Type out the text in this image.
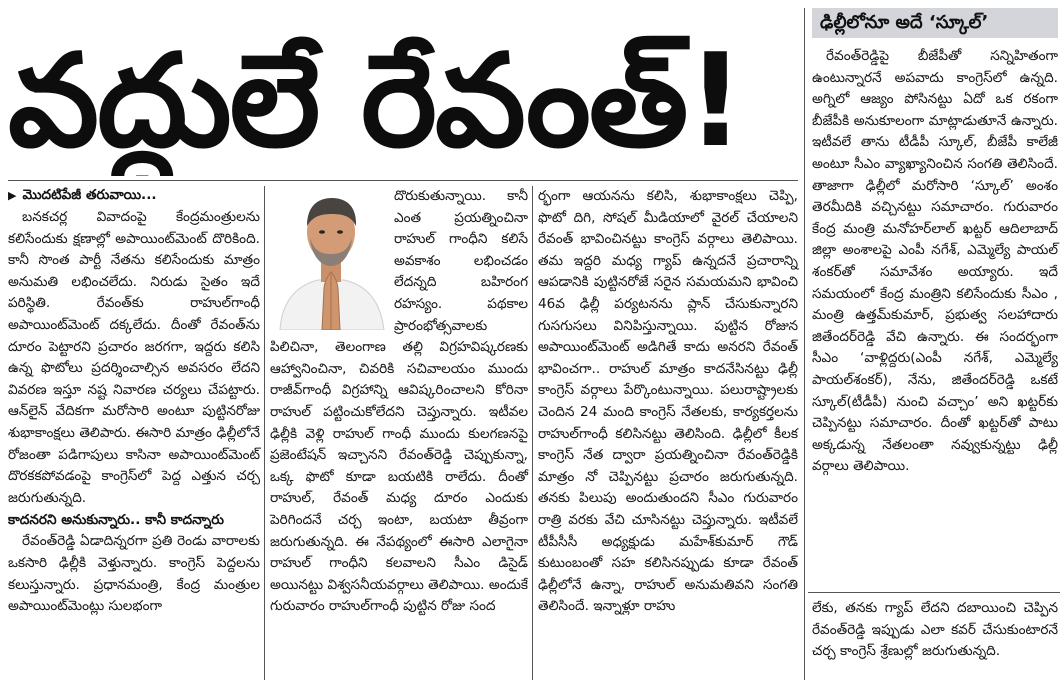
వద్దులే రేవంత్!

▶ మొదటిపేజీ తరువాయి...

బనకచర్ల వివాదంపై కేంద్రమంత్రులను కలిసేందుకు క్షణాల్లో అపాయింట్‌మెంట్ దొరికింది. కానీ సొంత పార్టీ నేతను కలిసేందుకు మాత్రం అనుమతి లభించలేదు. నిరుడు సైతం ఇదే పరిస్థితి. రేవంత్‌కు రాహుల్‌గాంధీ అపాయింట్‌మెంట్ దక్కలేదు. దీంతో రేవంత్‌ను దూరం పెట్టారని ప్రచారం జరగగా, ఇద్దరు కలిసి ఉన్న ఫొటోలు ప్రదర్శించాల్సిన అవసరం లేదని వివరణ ఇస్తూ నష్ట నివారణ చర్యలు చేపట్టారు. ఆన్‌లైన్ వేదికగా మరోసారి అంటూ పుట్టినరోజు శుభాకాంక్షలు తెలిపారు. ఈసారి మాత్రం ఢిల్లీలోనే రోజంతా పడిగాపులు కాసినా అపాయింట్‌మెంట్ దొరకకపోవడంపై కాంగ్రెస్‌లో పెద్ద ఎత్తున చర్చ జరుగుతున్నది.

కాదనరని అనుకున్నారు.. కానీ కాదన్నారు

రేవంత్‌రెడ్డి ఏడాదిన్నరగా ప్రతి రెండు వారాలకు ఒకసారి ఢిల్లీకి వెళ్తున్నారు. కాంగ్రెస్ పెద్దలను కలుస్తున్నారు. ప్రధానమంత్రి, కేంద్ర మంత్రుల అపాయింట్‌మెంట్లు సులభంగా

దొరుకుతున్నాయి. కానీ ఎంత ప్రయత్నించినా రాహుల్ గాంధీని కలిసే అవకాశం లభించడం లేదన్నది బహిరంగ రహస్యం. పథకాల ప్రారంభోత్సవాలకు పిలిచినా, తెలంగాణ తల్లి విగ్రహవిష్కరణకు ఆహ్వానించినా, చివరికి సచివాలయం ముందు రాజీవ్‌గాంధీ విగ్రహాన్ని ఆవిష్కరించాలని కోరినా రాహుల్ పట్టించుకోలేదని చెప్తున్నారు. ఇటీవల ఢిల్లీకి వెళ్లి రాహుల్ గాంధీ ముందు కులగణనపై ప్రజెంటేషన్ ఇచ్చానని రేవంత్‌రెడ్డి చెప్పుకున్నా, ఒక్క ఫొటో కూడా బయటికి రాలేదు. దీంతో రాహుల్, రేవంత్ మధ్య దూరం ఎందుకు పెరిగిందనే చర్చ ఇంటా, బయటా తీవ్రంగా జరుగుతున్నది. ఈ నేపథ్యంలో ఈసారి ఎలాగైనా రాహుల్ గాంధీని కలవాలని సీఎం డిసైడ్ అయినట్టు విశ్వసనీయవర్గాలు తెలిపాయి. అందుకే గురువారం రాహుల్‌గాంధీ పుట్టిన రోజు సంద

ర్భంగా ఆయనను కలిసి, శుభాకాంక్షలు చెప్పి, ఫొటో దిగి, సోషల్ మీడియాలో వైరల్ చేయాలని రేవంత్ భావించినట్టు కాంగ్రెస్ వర్గాలు తెలిపాయి. తమ ఇద్దరి మధ్య గ్యాప్ ఉన్నదనే ప్రచారాన్ని ఆపడానికి పుట్టినరోజే సరైన సమయమని భావించి 46వ ఢిల్లీ పర్యటనను ప్లాన్ చేసుకున్నారని గుసగుసలు వినిపిస్తున్నాయి. పుట్టిన రోజున అపాయింట్‌మెంట్ అడిగితే కాదు అనరని రేవంత్ భావించగా.. రాహుల్ మాత్రం కాదనేసినట్టు ఢిల్లీ కాంగ్రెస్ వర్గాలు పేర్కొంటున్నాయి. పలురాష్ట్రాలకు చెందిన 24 మంది కాంగ్రెస్ నేతలకు, కార్యకర్తలను రాహుల్‌గాంధీ కలిసినట్టు తెలిసింది. ఢిల్లీలో కీలక కాంగ్రెస్ నేత ద్వారా ప్రయత్నించినా రేవంత్‌రెడ్డికి మాత్రం నో చెప్పినట్టు ప్రచారం జరుగుతున్నది. తనకు పిలుపు అందుతుందని సీఎం గురువారం రాత్రి వరకు వేచి చూసినట్టు చెప్తున్నారు. ఇటీవలే టీపీసీసీ అధ్యక్షుడు మహేశ్‌కుమార్ గౌడ్ కుటుంబంతో సహ కలిసినప్పుడు కూడా రేవంత్ ఢిల్లీలోనే ఉన్నా, రాహుల్ అనుమతివని సంగతి తెలిసిందే. ఇన్నాళ్లూ రాహు

ఢిల్లీలోనూ అదే ‘స్కూల్’

రేవంత్‌రెడ్డిపై బీజేపీతో సన్నిహితంగా ఉంటున్నారనే అపవాదు కాంగ్రెస్‌లో ఉన్నది. అగ్నిలో ఆజ్యం పోసినట్టు ఏదో ఒక రకంగా బీజేపీకి అనుకూలంగా మాట్లాడుతూనే ఉన్నారు. ఇటీవలే తాను టీడీపీ స్కూల్, బీజేపీ కాలేజీ అంటూ సీఎం వ్యాఖ్యానించిన సంగతి తెలిసిందే. తాజాగా ఢిల్లీలో మరోసారి ‘స్కూల్’ అంశం తెరమీదికి వచ్చినట్టు సమాచారం. గురువారం కేంద్ర మంత్రి మనోహర్‌లాల్ ఖట్టర్ ఆదిలాబాద్ జిల్లా అంశాలపై ఎంపీ నగేశ్, ఎమ్మెల్యే పాయల్‌ శంకర్‌తో సమావేశం అయ్యారు. ఇదే సమయంలో కేంద్ర మంత్రిని కలిసేందుకు సీఎం , మంత్రి ఉత్తమ్‌కుమార్, ప్రభుత్వ సలహాదారు జితేందర్‌రెడ్డి వేచి ఉన్నారు. ఈ సందర్భంగా సీఎం ‘వాళ్లిద్దరు(ఎంపీ నగేశ్, ఎమ్మెల్యే పాయల్‌శంకర్), నేను, జితేందర్‌రెడ్డి ఒకటే స్కూల్(టీడీపీ) నుంచి వచ్చాం’ అని ఖట్టర్‌కు చెప్పినట్టు సమాచారం. దీంతో ఖట్టర్‌తో పాటు అక్కడున్న నేతలంతా నవ్వుకున్నట్టు ఢిల్లీ వర్గాలు తెలిపాయి.

లేకు, తనకు గ్యాప్ లేదని దబాయించి చెప్పిన రేవంత్‌రెడ్డి ఇప్పుడు ఎలా కవర్ చేసుకుంటారనే చర్చ కాంగ్రెస్ శ్రేణుల్లో జరుగుతున్నది.
